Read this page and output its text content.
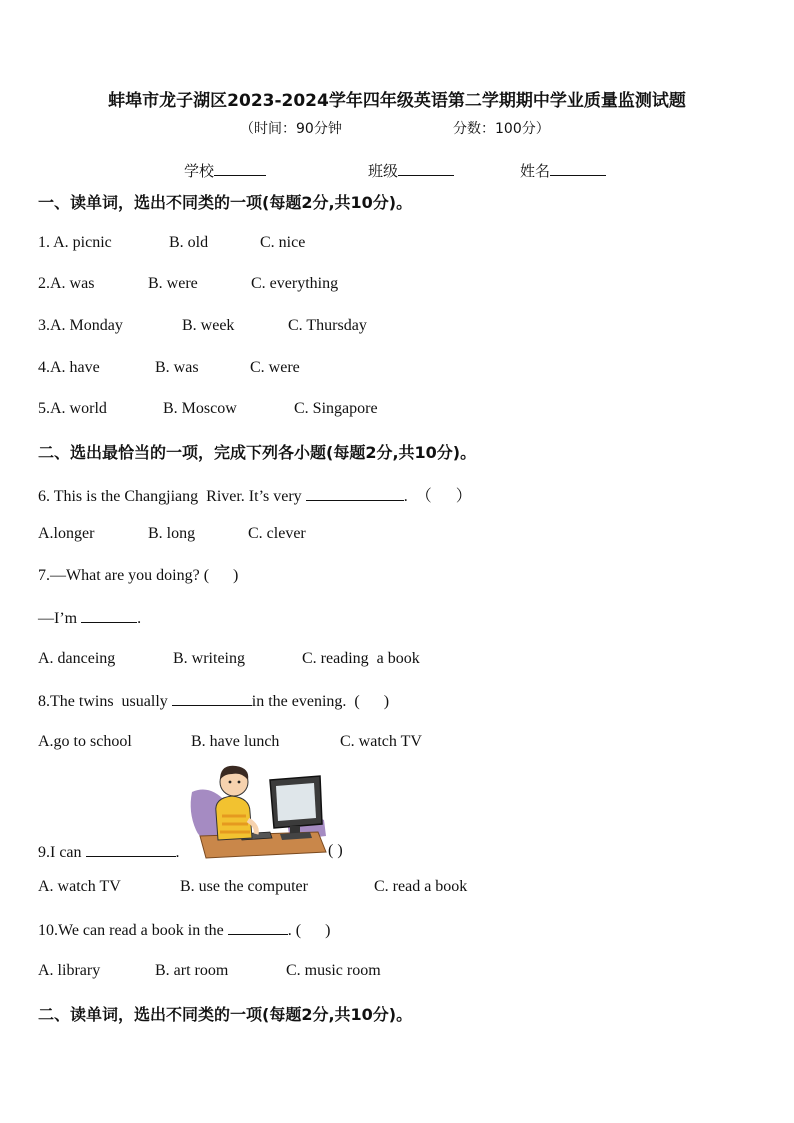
蚌埠市龙子湖区2023-2024学年四年级英语第二学期期中学业质量监测试题
（时间：90分钟	分数：100分）
学校	班级	姓名
一、读单词，选出不同类的一项(每题2分,共10分)。
1. A. picnic	B. old	C. nice
2.A. was	B. were	C. everything
3.A. Monday	B. week	C. Thursday
4.A. have	B. was	C. were
5.A. world	B. Moscow	C. Singapore
二、选出最恰当的一项，完成下列各小题(每题2分,共10分)。
6. This is the Changjiang  River. It’s very	.  （      ）
A.longer	B. long	C. clever
7.—What are you doing? (      )
—I’m	.
A. danceing	B. writeing	C. reading  a book
8.The twins  usually	in the evening.  (      )
A.go to school	B. have lunch	C. watch TV
9.I can	.	( )
A. watch TV	B. use the computer	C. read a book
10.We can read a book in the	. (      )
A. library	B. art room	C. music room
二、读单词，选出不同类的一项(每题2分,共10分)。
